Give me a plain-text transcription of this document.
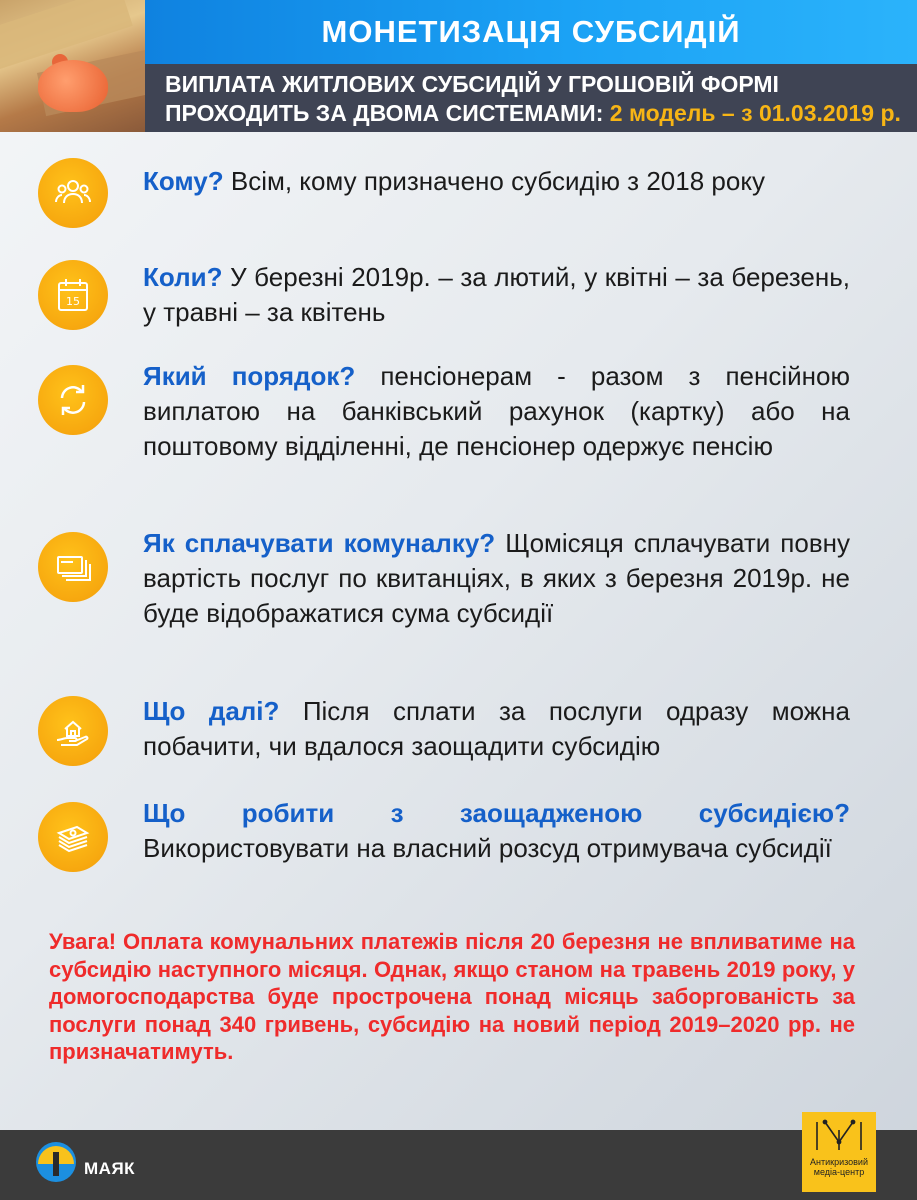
МОНЕТИЗАЦІЯ СУБСИДІЙ
ВИПЛАТА ЖИТЛОВИХ СУБСИДІЙ У ГРОШОВІЙ ФОРМІ
ПРОХОДИТЬ ЗА ДВОМА СИСТЕМАМИ: 2 модель – з 01.03.2019 р.
Кому? Всім, кому призначено субсидію з 2018 року
15
Коли? У березні 2019р. – за лютий, у квітні – за березень, у травні – за квітень
Який порядок? пенсіонерам - разом з пенсійною виплатою на банківський рахунок (картку) або на поштовому відділенні, де пенсіонер одержує пенсію
Як сплачувати комуналку? Щомісяця сплачувати повну вартість послуг по квитанціях, в яких з березня 2019р. не буде відображатися сума субсидії
Що далі? Після сплати за послуги одразу можна побачити, чи вдалося заощадити субсидію
Що робити з заощадженою субсидією? Використовувати на власний розсуд отримувача субсидії
Увага! Оплата комунальних платежів після 20 березня не впливатиме на субсидію наступного місяця. Однак, якщо станом на травень 2019 року, у домогосподарства буде прострочена понад місяць заборгованість за послуги понад 340 гривень, субсидію на новий період 2019–2020 рр. не призначатимуть.
МАЯК	Антикризовий медіа-центр
